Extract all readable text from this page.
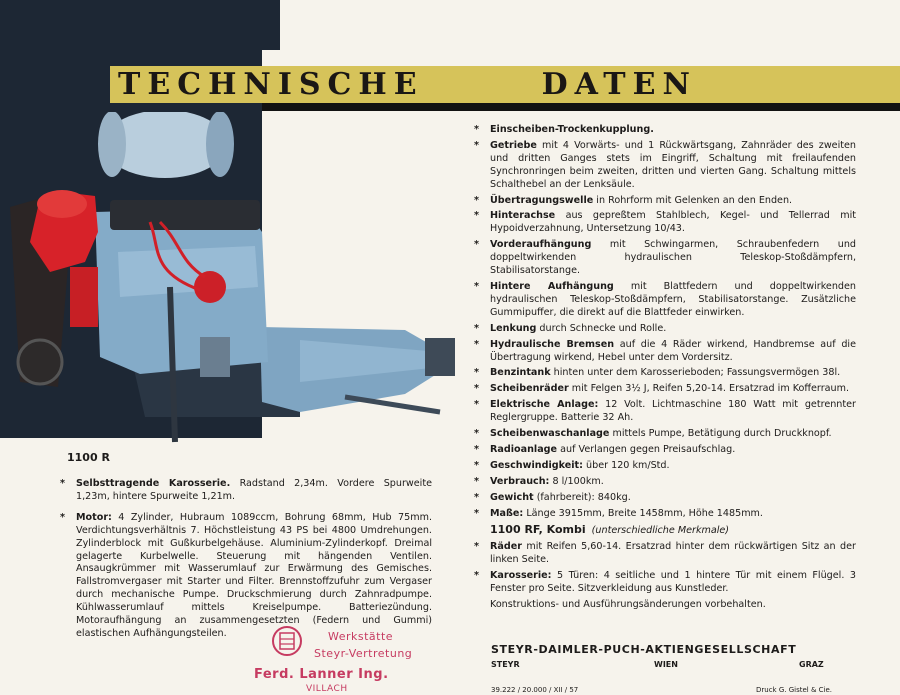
TECHNISCHE	DATEN
1100 R
* Selbsttragende Karosserie. Radstand 2,34m. Vordere Spurweite 1,23m, hintere Spurweite 1,21m.
* Motor: 4 Zylinder, Hubraum 1089ccm, Bohrung 68mm, Hub 75mm. Verdichtungsverhältnis 7. Höchstleistung 43 PS bei 4800 Umdrehungen. Zylinderblock mit Gußkurbelgehäuse. Aluminium-Zylinderkopf. Dreimal gelagerte Kurbelwelle. Steuerung mit hängenden Ventilen. Ansaugkrümmer mit Wasserumlauf zur Erwärmung des Gemisches. Fallstromvergaser mit Starter und Filter. Brennstoffzufuhr zum Vergaser durch mechanische Pumpe. Druckschmierung durch Zahnradpumpe. Kühlwasserumlauf mittels Kreiselpumpe. Batteriezündung. Motoraufhängung an zusammengesetzten (Federn und Gummi) elastischen Aufhängungsteilen.
* Einscheiben-Trockenkupplung.
* Getriebe mit 4 Vorwärts- und 1 Rückwärtsgang, Zahnräder des zweiten und dritten Ganges stets im Eingriff, Schaltung mit freilaufenden Synchronringen beim zweiten, dritten und vierten Gang. Schaltung mittels Schalthebel an der Lenksäule.
* Übertragungswelle in Rohrform mit Gelenken an den Enden.
* Hinterachse aus gepreßtem Stahlblech, Kegel- und Tellerrad mit Hypoidverzahnung, Untersetzung 10/43.
* Vorderaufhängung mit Schwingarmen, Schraubenfedern und doppeltwirkenden hydraulischen Teleskop-Stoßdämpfern, Stabilisatorstange.
* Hintere Aufhängung mit Blattfedern und doppeltwirkenden hydraulischen Teleskop-Stoßdämpfern, Stabilisatorstange. Zusätzliche Gummipuffer, die direkt auf die Blattfeder einwirken.
* Lenkung durch Schnecke und Rolle.
* Hydraulische Bremsen auf die 4 Räder wirkend, Handbremse auf die Übertragung wirkend, Hebel unter dem Vordersitz.
* Benzintank hinten unter dem Karosserieboden; Fassungsvermögen 38l.
* Scheibenräder mit Felgen 3½ J, Reifen 5,20-14. Ersatzrad im Kofferraum.
* Elektrische Anlage: 12 Volt. Lichtmaschine 180 Watt mit getrennter Reglergruppe. Batterie 32 Ah.
* Scheibenwaschanlage mittels Pumpe, Betätigung durch Druckknopf.
* Radioanlage auf Verlangen gegen Preisaufschlag.
* Geschwindigkeit: über 120 km/Std.
* Verbrauch: 8 l/100km.
* Gewicht (fahrbereit): 840kg.
* Maße: Länge 3915mm, Breite 1458mm, Höhe 1485mm.
1100 RF, Kombi (unterschiedliche Merkmale)
* Räder mit Reifen 5,60-14. Ersatzrad hinter dem rückwärtigen Sitz an der linken Seite.
* Karosserie: 5 Türen: 4 seitliche und 1 hintere Tür mit einem Flügel. 3 Fenster pro Seite. Sitzverkleidung aus Kunstleder.
Konstruktions- und Ausführungsänderungen vorbehalten.
STEYR-DAIMLER-PUCH-AKTIENGESELLSCHAFT
STEYR	WIEN	GRAZ
39.222 / 20.000 / XII / 57	Druck G. Gistel & Cie.
Werkstätte
Steyr-Vertretung
Ferd. Lanner Ing.
VILLACH
